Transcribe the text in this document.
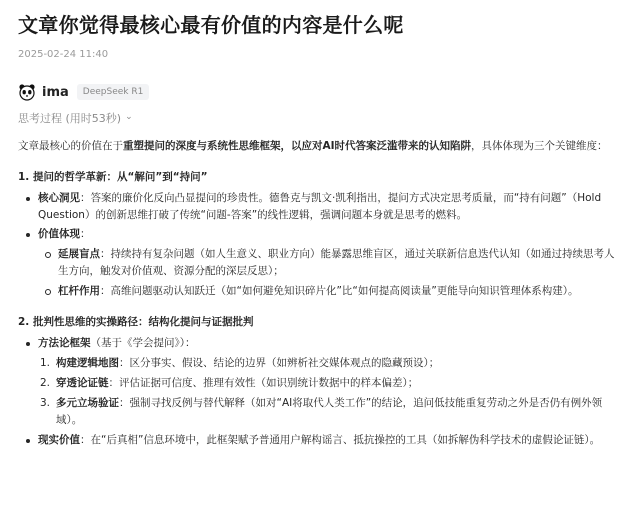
文章你觉得最核心最有价值的内容是什么呢
2025-02-24 11:40
ima	DeepSeek R1
思考过程 (用时53秒) ⌄

文章最核心的价值在于重塑提问的深度与系统性思维框架，以应对AI时代答案泛滥带来的认知陷阱，具体体现为三个关键维度：

1. 提问的哲学革新：从“解问”到“持问”
核心洞见：答案的廉价化反向凸显提问的珍贵性。德鲁克与凯文·凯利指出，提问方式决定思考质量，而“持有问题”（Hold Question）的创新思维打破了传统“问题-答案”的线性逻辑，强调问题本身就是思考的燃料。
价值体现：
延展盲点：持续持有复杂问题（如人生意义、职业方向）能暴露思维盲区，通过关联新信息迭代认知（如通过持续思考人生方向，触发对价值观、资源分配的深层反思）；
杠杆作用：高维问题驱动认知跃迁（如“如何避免知识碎片化”比“如何提高阅读量”更能导向知识管理体系构建）。
2. 批判性思维的实操路径：结构化提问与证据批判
方法论框架（基于《学会提问》）：
1. 构建逻辑地图：区分事实、假设、结论的边界（如辨析社交媒体观点的隐藏预设）；
2. 穿透论证链：评估证据可信度、推理有效性（如识别统计数据中的样本偏差）；
3. 多元立场验证：强制寻找反例与替代解释（如对“AI将取代人类工作”的结论，追问低技能重复劳动之外是否仍有例外领域）。
现实价值：在“后真相”信息环境中，此框架赋予普通用户解构谣言、抵抗操控的工具（如拆解伪科学技术的虚假论证链）。
